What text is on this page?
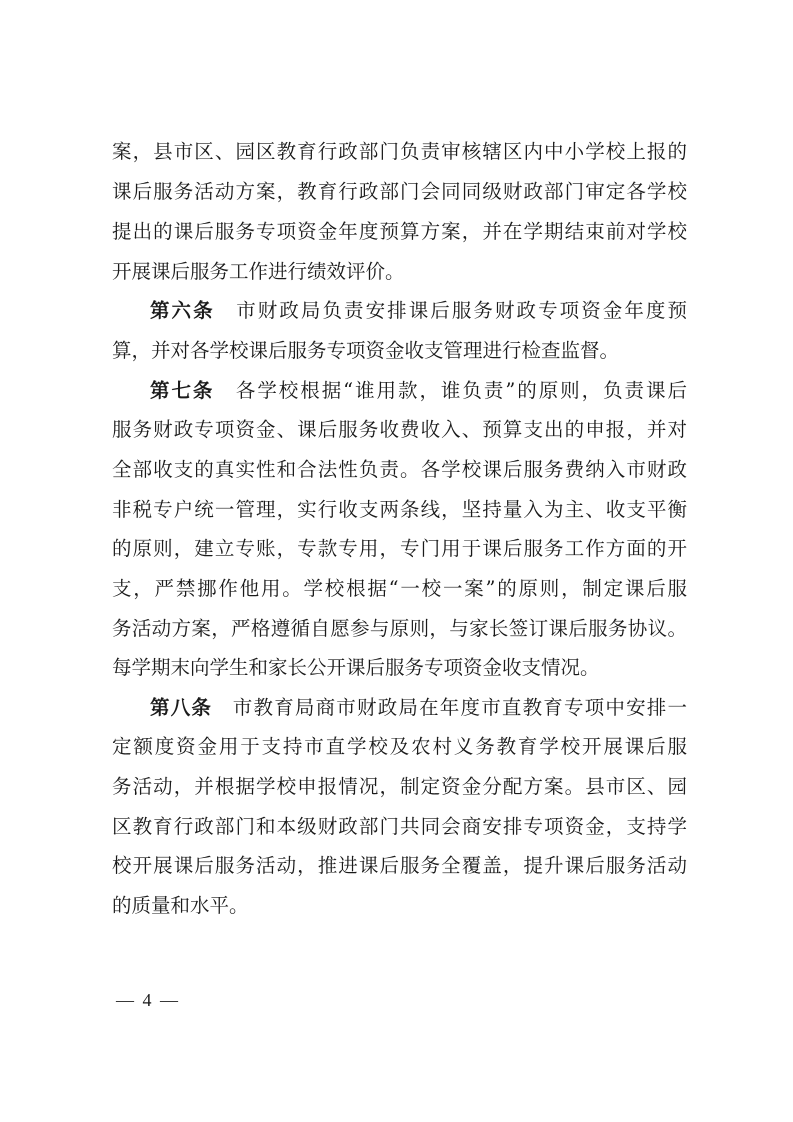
案，县市区、园区教育行政部门负责审核辖区内中小学校上报的
课后服务活动方案，教育行政部门会同同级财政部门审定各学校
提出的课后服务专项资金年度预算方案，并在学期结束前对学校
开展课后服务工作进行绩效评价。
第六条  市财政局负责安排课后服务财政专项资金年度预
算，并对各学校课后服务专项资金收支管理进行检查监督。
第七条  各学校根据“谁用款，谁负责”的原则，负责课后
服务财政专项资金、课后服务收费收入、预算支出的申报，并对
全部收支的真实性和合法性负责。各学校课后服务费纳入市财政
非税专户统一管理，实行收支两条线，坚持量入为主、收支平衡
的原则，建立专账，专款专用，专门用于课后服务工作方面的开
支，严禁挪作他用。学校根据“一校一案”的原则，制定课后服
务活动方案，严格遵循自愿参与原则，与家长签订课后服务协议。
每学期末向学生和家长公开课后服务专项资金收支情况。
第八条  市教育局商市财政局在年度市直教育专项中安排一
定额度资金用于支持市直学校及农村义务教育学校开展课后服
务活动，并根据学校申报情况，制定资金分配方案。县市区、园
区教育行政部门和本级财政部门共同会商安排专项资金，支持学
校开展课后服务活动，推进课后服务全覆盖，提升课后服务活动
的质量和水平。
— 4 —
